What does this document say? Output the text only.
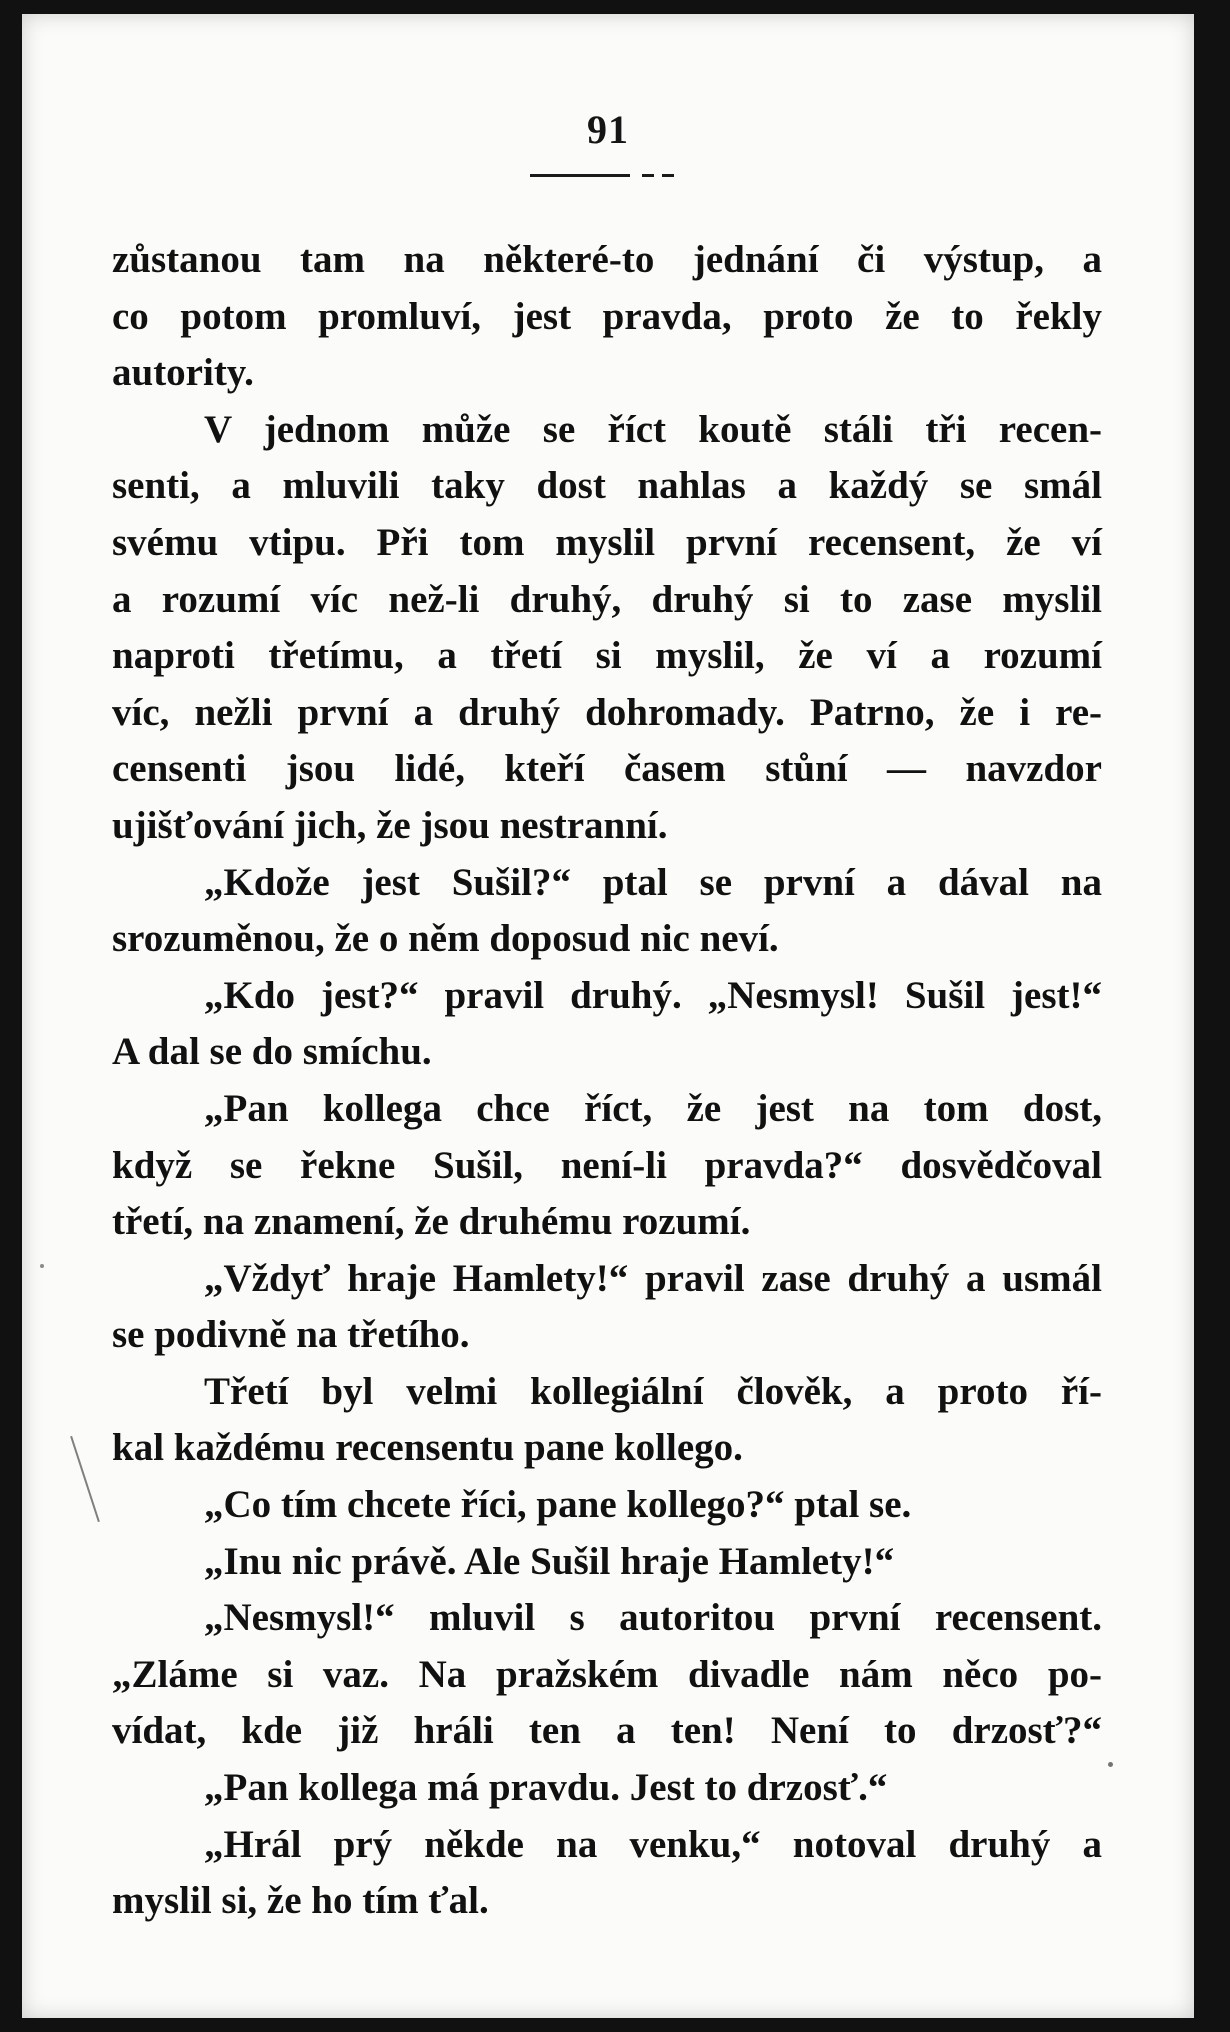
91
zůstanou tam na některé-to jednání či výstup, a
co potom promluví, jest pravda, proto že to řekly
autority.
V jednom může se říct koutě stáli tři recen-
senti, a mluvili taky dost nahlas a každý se smál
svému vtipu. Při tom myslil první recensent, že ví
a rozumí víc než-li druhý, druhý si to zase myslil
naproti třetímu, a třetí si myslil, že ví a rozumí
víc, nežli první a druhý dohromady. Patrno, že i re-
censenti jsou lidé, kteří časem stůní — navzdor
ujišťování jich, že jsou nestranní.
„Kdože jest Sušil?“ ptal se první a dával na
srozuměnou, že o něm doposud nic neví.
„Kdo jest?“ pravil druhý. „Nesmysl! Sušil jest!“
A dal se do smíchu.
„Pan kollega chce říct, že jest na tom dost,
když se řekne Sušil, není-li pravda?“ dosvědčoval
třetí, na znamení, že druhému rozumí.
„Vždyť hraje Hamlety!“ pravil zase druhý a usmál
se podivně na třetího.
Třetí byl velmi kollegiální člověk, a proto ří-
kal každému recensentu pane kollego.
„Co tím chcete říci, pane kollego?“ ptal se.
„Inu nic právě. Ale Sušil hraje Hamlety!“
„Nesmysl!“ mluvil s autoritou první recensent.
„Zláme si vaz. Na pražském divadle nám něco po-
vídat, kde již hráli ten a ten! Není to drzosť?“
„Pan kollega má pravdu. Jest to drzosť.“
„Hrál prý někde na venku,“ notoval druhý a
myslil si, že ho tím ťal.
